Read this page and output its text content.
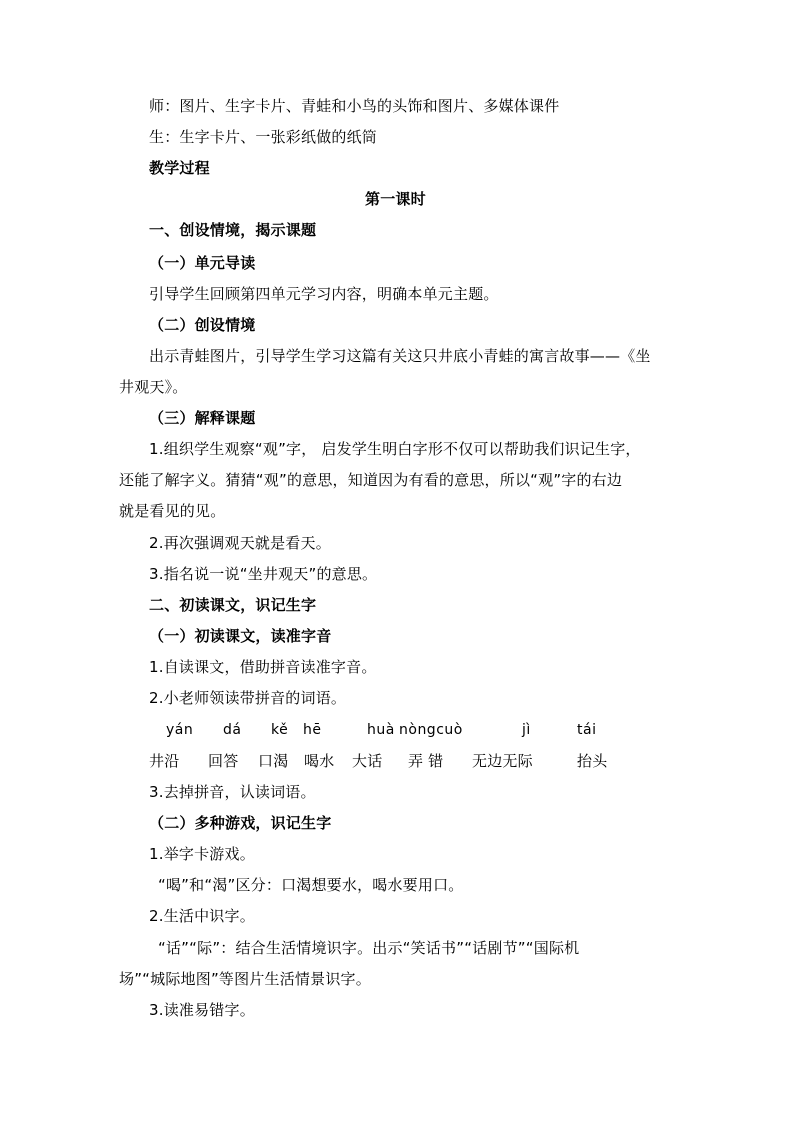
师：图片、生字卡片、青蛙和小鸟的头饰和图片、多媒体课件
生：生字卡片、一张彩纸做的纸筒
教学过程
第一课时
一、创设情境，揭示课题
（一）单元导读
引导学生回顾第四单元学习内容，明确本单元主题。
（二）创设情境
出示青蛙图片，引导学生学习这篇有关这只井底小青蛙的寓言故事——《坐
井观天》。
（三）解释课题
1.组织学生观察“观”字， 启发学生明白字形不仅可以帮助我们识记生字，
还能了解字义。猜猜“观”的意思，知道因为有看的意思，所以“观”字的右边
就是看见的见。
2.再次强调观天就是看天。
3.指名说一说“坐井观天”的意思。
二、初读课文，识记生字
（一）初读课文，读准字音
1.自读课文，借助拼音读准字音。
2.小老师领读带拼音的词语。
yán dá kě hē	huà nòngcuò	jì	tái
井沿 回答 口渴 喝水 大话 弄 错 无边无际	抬头
3.去掉拼音，认读词语。
（二）多种游戏，识记生字
1.举字卡游戏。
“喝”和“渴”区分：口渴想要水，喝水要用口。
2.生活中识字。
“话”“际”：结合生活情境识字。出示“笑话书”“话剧节”“国际机
场”“城际地图”等图片生活情景识字。
3.读准易错字。
